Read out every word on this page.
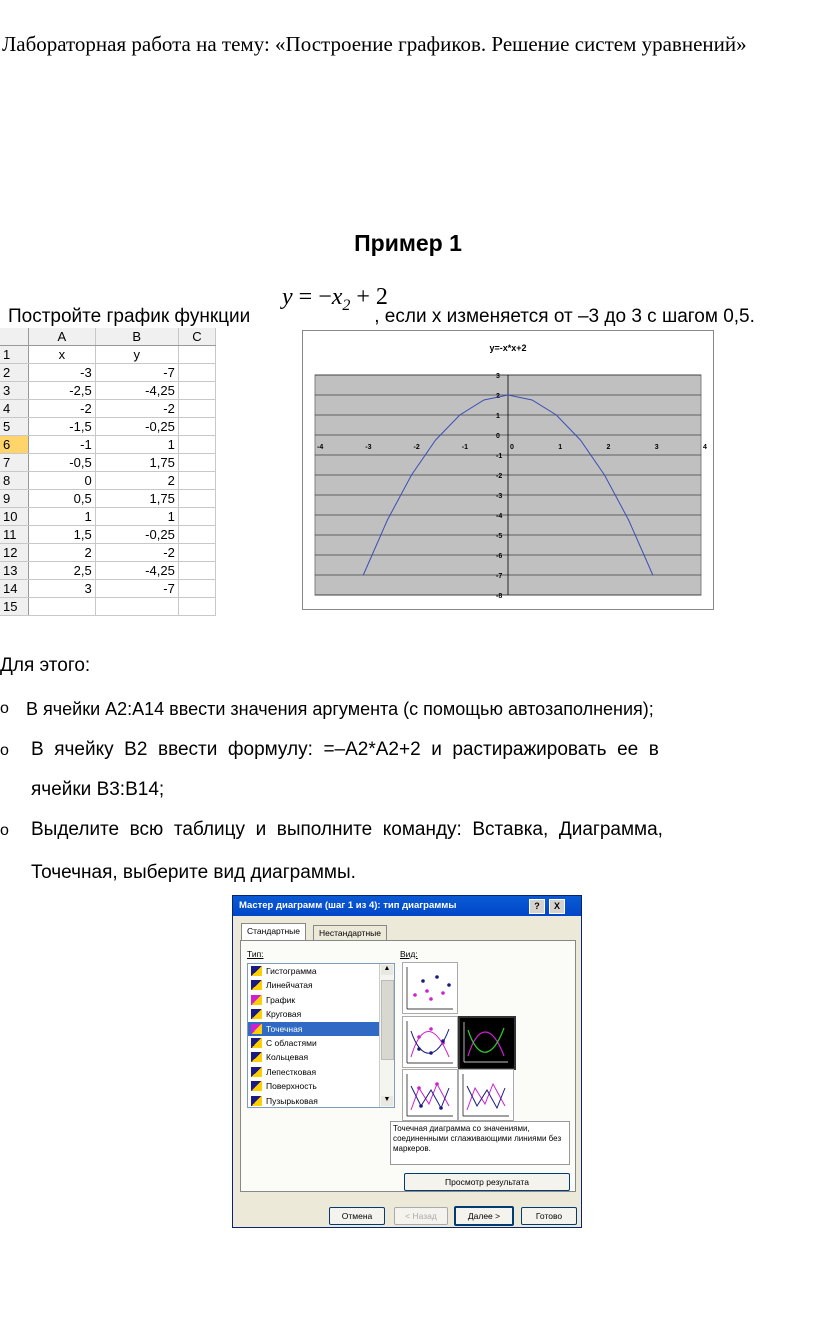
Лабораторная работа на тему: «Построение графиков. Решение систем уравнений»
Пример 1
Постройте график функции	, если x изменяется от –3 до 3 с шагом 0,5.
$y = -x_2 + 2$
	A	B	C
1	x	y	
2	-3	-7	
3	-2,5	-4,25	
4	-2	-2	
5	-1,5	-0,25	
6	-1	1	
7	-0,5	1,75	
8	0	2	
9	0,5	1,75	
10	1	1	
11	1,5	-0,25	
12	2	-2	
13	2,5	-4,25	
14	3	-7	
15			
y=-x*x+2
-4	-3	-2	-1	0	1	2	3	4
3
2
1
0
-1
-2
-3
-4
-5
-6
-7
-8
Для этого:
o В ячейки А2:А14 ввести значения аргумента (с помощью автозаполнения);
o В  ячейку  В2  ввести  формулу:  =–А2*А2+2  и  растиражировать  ее  в
ячейки В3:В14;
o Выделите  всю  таблицу  и  выполните  команду:  Вставка,  Диаграмма,
Точечная, выберите вид диаграммы.
Мастер диаграмм (шаг 1 из 4): тип диаграммы	?	X
Стандартные	Нестандартные
Тип:	Вид:
Гистограмма
Линейчатая
График
Круговая
Точечная
С областями
Кольцевая
Лепестковая
Поверхность
Пузырьковая
▲
▼
Точечная диаграмма со значениями, соединенными сглаживающими линиями без маркеров.
Просмотр результата
Отмена	< Назад	Далее >	Готово
